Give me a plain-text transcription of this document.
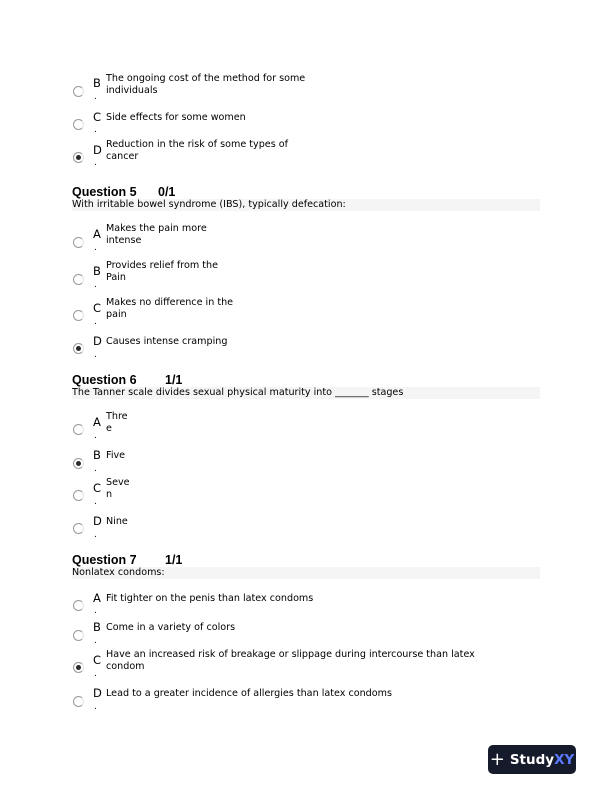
B
.
The ongoing cost of the method for some individuals
C
.
Side effects for some women
D
.
Reduction in the risk of some types of cancer
Question 5 0/1
With irritable bowel syndrome (IBS), typically defecation:
A
.
Makes the pain more intense
B
.
Provides relief from the Pain
C
.
Makes no difference in the pain
D
.
Causes intense cramping
Question 6 1/1
The Tanner scale divides sexual physical maturity into _______ stages
A
.
Three
B
.
Five
C
.
Seven
D
.
Nine
Question 7 1/1
Nonlatex condoms:
A
.
Fit tighter on the penis than latex condoms
B
.
Come in a variety of colors
C
.
Have an increased risk of breakage or slippage during intercourse than latex condom
D
.
Lead to a greater incidence of allergies than latex condoms
+ Study XY
